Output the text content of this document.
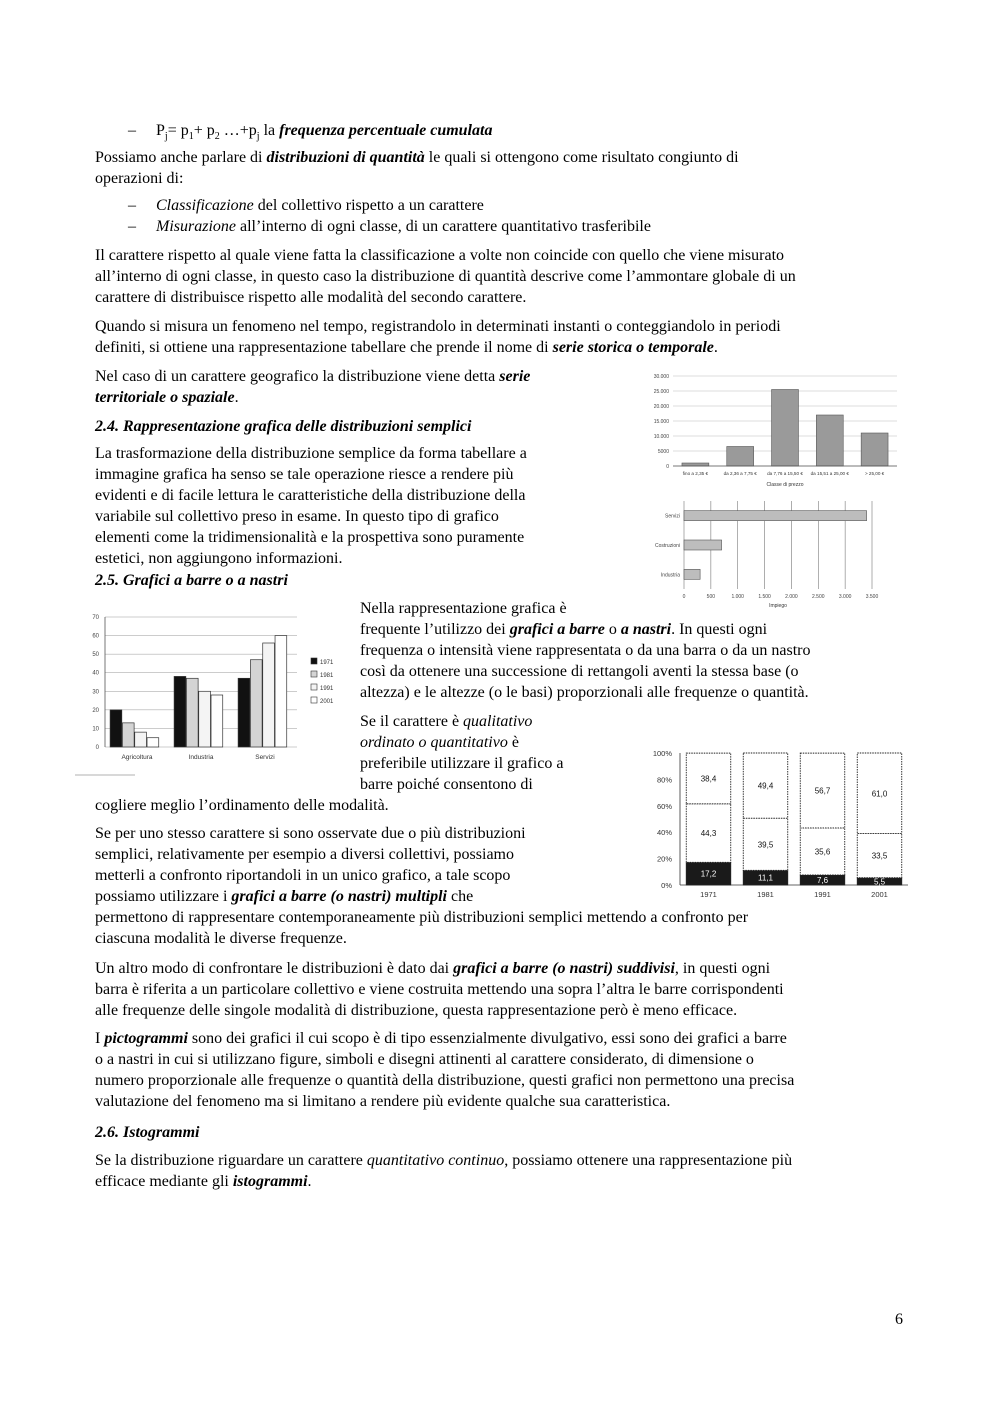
– $P_j= p_1+ p_2$ $\dots+p_j$ la frequenza percentuale cumulata
Possiamo anche parlare di distribuzioni di quantità le quali si ottengono come risultato congiunto di
operazioni di:
– Classificazione del collettivo rispetto a un carattere
– Misurazione all’interno di ogni classe, di un carattere quantitativo trasferibile
Il carattere rispetto al quale viene fatta la classificazione a volte non coincide con quello che viene misurato
all’interno di ogni classe, in questo caso la distribuzione di quantità descrive come l’ammontare globale di un
carattere di distribuisce rispetto alle modalità del secondo carattere.
Quando si misura un fenomeno nel tempo, registrandolo in determinati instanti o conteggiandolo in periodi
definiti, si ottiene una rappresentazione tabellare che prende il nome di serie storica o temporale.
Nel caso di un carattere geografico la distribuzione viene detta serie
territoriale o spaziale.
2.4. Rappresentazione grafica delle distribuzioni semplici
La trasformazione della distribuzione semplice da forma tabellare a
immagine grafica ha senso se tale operazione riesce a rendere più
evidenti e di facile lettura le caratteristiche della distribuzione della
variabile sul collettivo preso in esame. In questo tipo di grafico
elementi come la tridimensionalità e la prospettiva sono puramente
estetici, non aggiungono informazioni.
2.5. Grafici a barre o a nastri
Nella rappresentazione grafica è
frequente l’utilizzo dei grafici a barre o a nastri. In questi ogni
frequenza o intensità viene rappresentata o da una barra o da un nastro
così da ottenere una successione di rettangoli aventi la stessa base (o
altezza) e le altezze (o le basi) proporzionali alle frequenze o quantità.
Se il carattere è qualitativo
ordinato o quantitativo è
preferibile utilizzare il grafico a
barre poiché consentono di
cogliere meglio l’ordinamento delle modalità.
Se per uno stesso carattere si sono osservate due o più distribuzioni
semplici, relativamente per esempio a diversi collettivi, possiamo
metterli a confronto riportandoli in un unico grafico, a tale scopo
possiamo utilizzare i grafici a barre (o nastri) multipli che
permettono di rappresentare contemporaneamente più distribuzioni semplici mettendo a confronto per
ciascuna modalità le diverse frequenze.
Un altro modo di confrontare le distribuzioni è dato dai grafici a barre (o nastri) suddivisi, in questi ogni
barra è riferita a un particolare collettivo e viene costruita mettendo una sopra l’altra le barre corrispondenti
alle frequenze delle singole modalità di distribuzione, questa rappresentazione però è meno efficace.
I pictogrammi sono dei grafici il cui scopo è di tipo essenzialmente divulgativo, essi sono dei grafici a barre
o a nastri in cui si utilizzano figure, simboli e disegni attinenti al carattere considerato, di dimensione o
numero proporzionale alle frequenze o quantità della distribuzione, questi grafici non permettono una precisa
valutazione del fenomeno ma si limitano a rendere più evidente qualche sua caratteristica.
2.6. Istogrammi
Se la distribuzione riguardare un carattere quantitativo continuo, possiamo ottenere una rappresentazione più
efficace mediante gli istogrammi.
6
0
5000
10.000
15.000
20.000
25.000
30.000
fino a 2,35 €	da 2,36 a 7,75 € da 7,76 a 15,50 € da 15,51 a 25,00 €	> 25,00 €
Classe di prezzo
0	500	1.000	1.500	2.000	2.500	3.000	3.500
Servizi
Costruzioni
Industria
Impiego
0
10
20
30
40
50
60
70
Agricoltura	Industria	Servizi
1971
1981
1991
2001
0%
20%
40%
60%
80%
100%
17,2
44,3
38,4
1971
11,1
39,5
49,4
1981
7,6
35,6
56,7
1991
5,5
33,5
61,0
2001
